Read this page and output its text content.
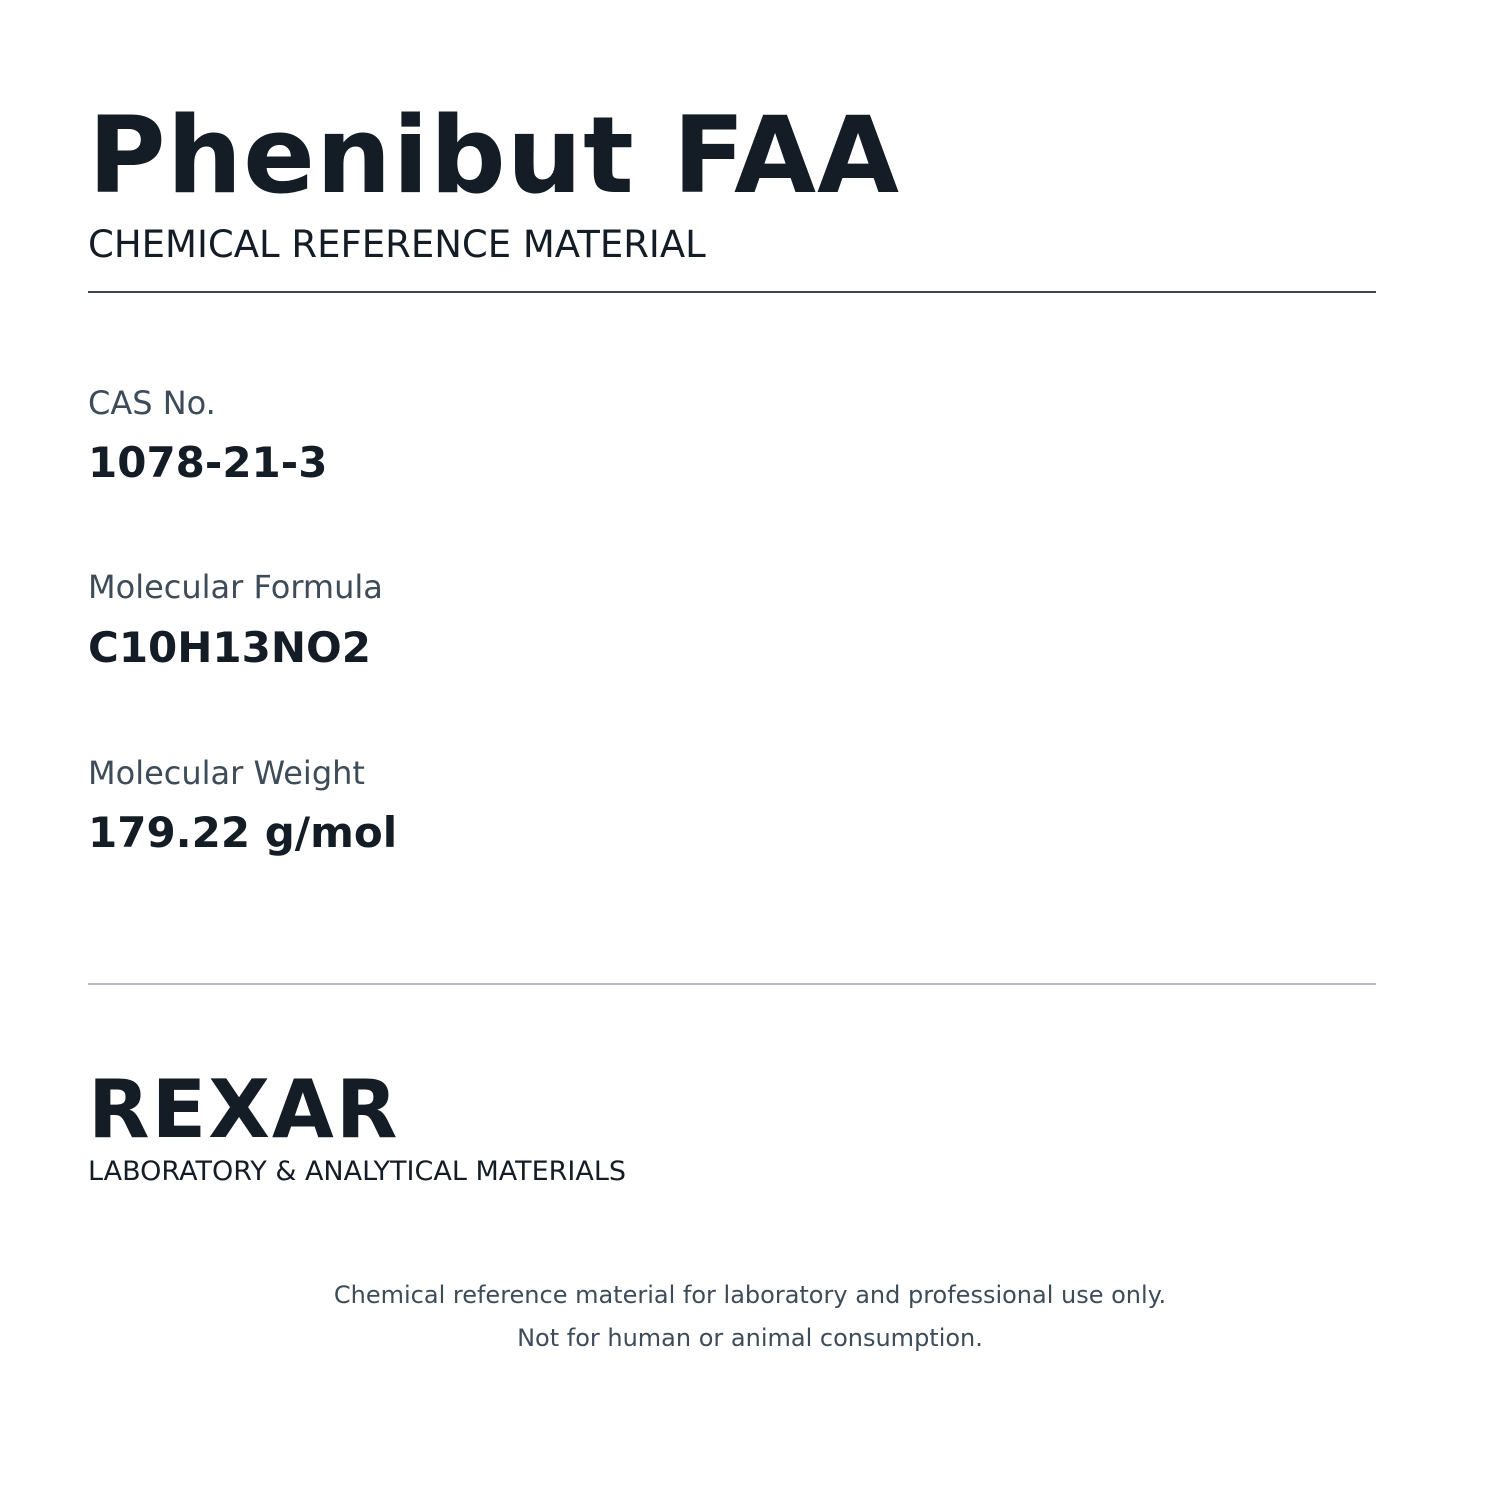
Phenibut FAA
CHEMICAL REFERENCE MATERIAL
CAS No.
1078-21-3
Molecular Formula
C10H13NO2
Molecular Weight
179.22 g/mol
REXAR
LABORATORY & ANALYTICAL MATERIALS
Chemical reference material for laboratory and professional use only.
Not for human or animal consumption.
